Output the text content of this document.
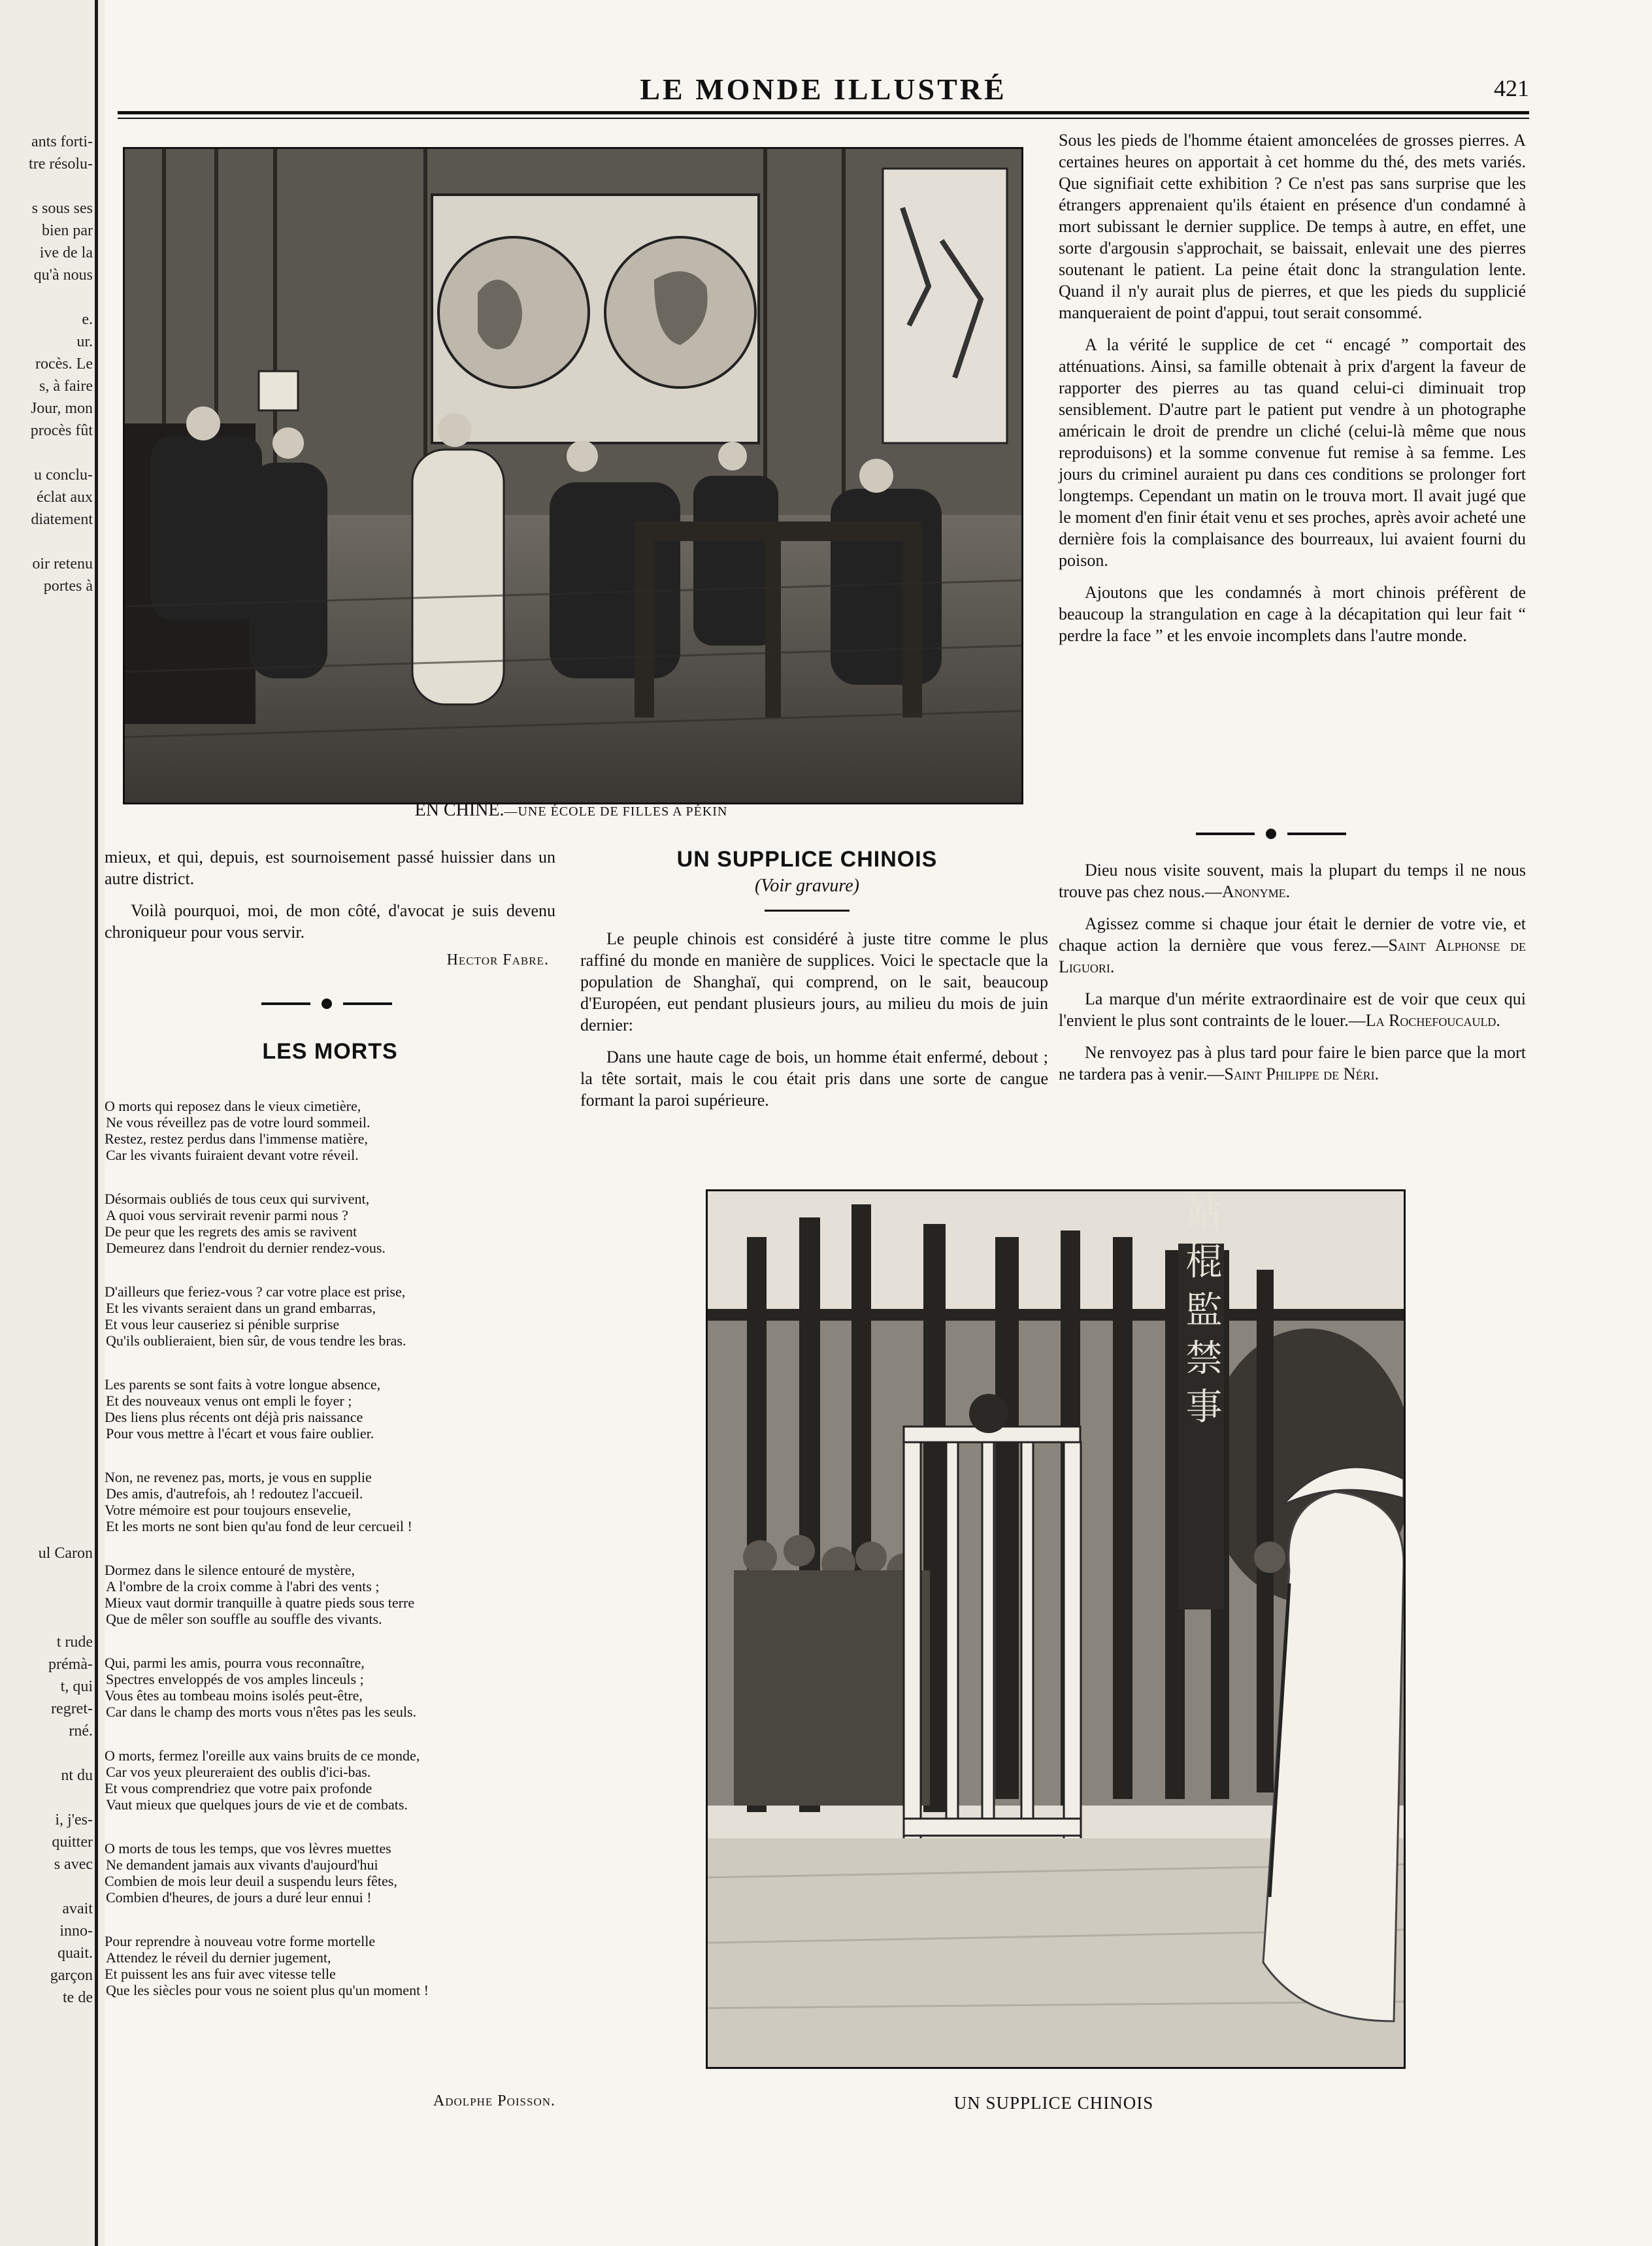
ants forti-
tre résolu-
s sous ses
bien par
ive de la
qu'à nous
e.
ur.
rocès. Le
s, à faire
Jour, mon
procès fût
u conclu-
éclat aux
diatement
oir retenu
portes à
ul Caron
t rude
prémà-
t, qui
regret-
rné.
nt du
i, j'es-
quitter
s avec
avait
inno-
quait.
garçon
te de
LE MONDE ILLUSTRÉ	421
EN CHINE.—UNE ÉCOLE DE FILLES A PÉKIN

Sous les pieds de l'homme étaient amoncelées de grosses pierres. A certaines heures on apportait à cet homme du thé, des mets variés. Que signifiait cette exhibition ? Ce n'est pas sans surprise que les étrangers apprenaient qu'ils étaient en présence d'un condamné à mort subissant le dernier supplice. De temps à autre, en effet, une sorte d'argousin s'approchait, se baissait, enlevait une des pierres soutenant le patient. La peine était donc la strangulation lente. Quand il n'y aurait plus de pierres, et que les pieds du supplicié manqueraient de point d'appui, tout serait consommé.

A la vérité le supplice de cet “ encagé ” comportait des atténuations. Ainsi, sa famille obtenait à prix d'argent la faveur de rapporter des pierres au tas quand celui-ci diminuait trop sensiblement. D'autre part le patient put vendre à un photographe américain le droit de prendre un cliché (celui-là même que nous reproduisons) et la somme convenue fut remise à sa femme. Les jours du criminel auraient pu dans ces conditions se prolonger fort longtemps. Cependant un matin on le trouva mort. Il avait jugé que le moment d'en finir était venu et ses proches, après avoir acheté une dernière fois la complaisance des bourreaux, lui avaient fourni du poison.

Ajoutons que les condamnés à mort chinois préfèrent de beaucoup la strangulation en cage à la décapitation qui leur fait “ perdre la face ” et les envoie incomplets dans l'autre monde.

Dieu nous visite souvent, mais la plupart du temps il ne nous trouve pas chez nous.—Anonyme.

Agissez comme si chaque jour était le dernier de votre vie, et chaque action la dernière que vous ferez.—Saint Alphonse de Liguori.

La marque d'un mérite extraordinaire est de voir que ceux qui l'envient le plus sont contraints de le louer.—La Rochefoucauld.

Ne renvoyez pas à plus tard pour faire le bien parce que la mort ne tardera pas à venir.—Saint Philippe de Néri.

mieux, et qui, depuis, est sournoisement passé huissier dans un autre district.

Voilà pourquoi, moi, de mon côté, d'avocat je suis devenu chroniqueur pour vous servir.

Hector Fabre.
LES MORTS
O morts qui reposez dans le vieux cimetière,
Ne vous réveillez pas de votre lourd sommeil.
Restez, restez perdus dans l'immense matière,
Car les vivants fuiraient devant votre réveil.
Désormais oubliés de tous ceux qui survivent,
A quoi vous servirait revenir parmi nous ?
De peur que les regrets des amis se ravivent
Demeurez dans l'endroit du dernier rendez-vous.
D'ailleurs que feriez-vous ? car votre place est prise,
Et les vivants seraient dans un grand embarras,
Et vous leur causeriez si pénible surprise
Qu'ils oublieraient, bien sûr, de vous tendre les bras.
Les parents se sont faits à votre longue absence,
Et des nouveaux venus ont empli le foyer ;
Des liens plus récents ont déjà pris naissance
Pour vous mettre à l'écart et vous faire oublier.
Non, ne revenez pas, morts, je vous en supplie
Des amis, d'autrefois, ah ! redoutez l'accueil.
Votre mémoire est pour toujours ensevelie,
Et les morts ne sont bien qu'au fond de leur cercueil !
Dormez dans le silence entouré de mystère,
A l'ombre de la croix comme à l'abri des vents ;
Mieux vaut dormir tranquille à quatre pieds sous terre
Que de mêler son souffle au souffle des vivants.
Qui, parmi les amis, pourra vous reconnaître,
Spectres enveloppés de vos amples linceuls ;
Vous êtes au tombeau moins isolés peut-être,
Car dans le champ des morts vous n'êtes pas les seuls.
O morts, fermez l'oreille aux vains bruits de ce monde,
Car vos yeux pleureraient des oublis d'ici-bas.
Et vous comprendriez que votre paix profonde
Vaut mieux que quelques jours de vie et de combats.
O morts de tous les temps, que vos lèvres muettes
Ne demandent jamais aux vivants d'aujourd'hui
Combien de mois leur deuil a suspendu leurs fêtes,
Combien d'heures, de jours a duré leur ennui !
Pour reprendre à nouveau votre forme mortelle
Attendez le réveil du dernier jugement,
Et puissent les ans fuir avec vitesse telle
Que les siècles pour vous ne soient plus qu'un moment !
Adolphe Poisson.
UN SUPPLICE CHINOIS
(Voir gravure)

Le peuple chinois est considéré à juste titre comme le plus raffiné du monde en manière de supplices. Voici le spectacle que la population de Shanghaï, qui comprend, on le sait, beaucoup d'Européen, eut pendant plusieurs jours, au milieu du mois de juin dernier:

Dans une haute cage de bois, un homme était enfermé, debout ; la tête sortait, mais le cou était pris dans une sorte de cangue formant la paroi supérieure.

站 棍 監 禁 事
UN SUPPLICE CHINOIS
